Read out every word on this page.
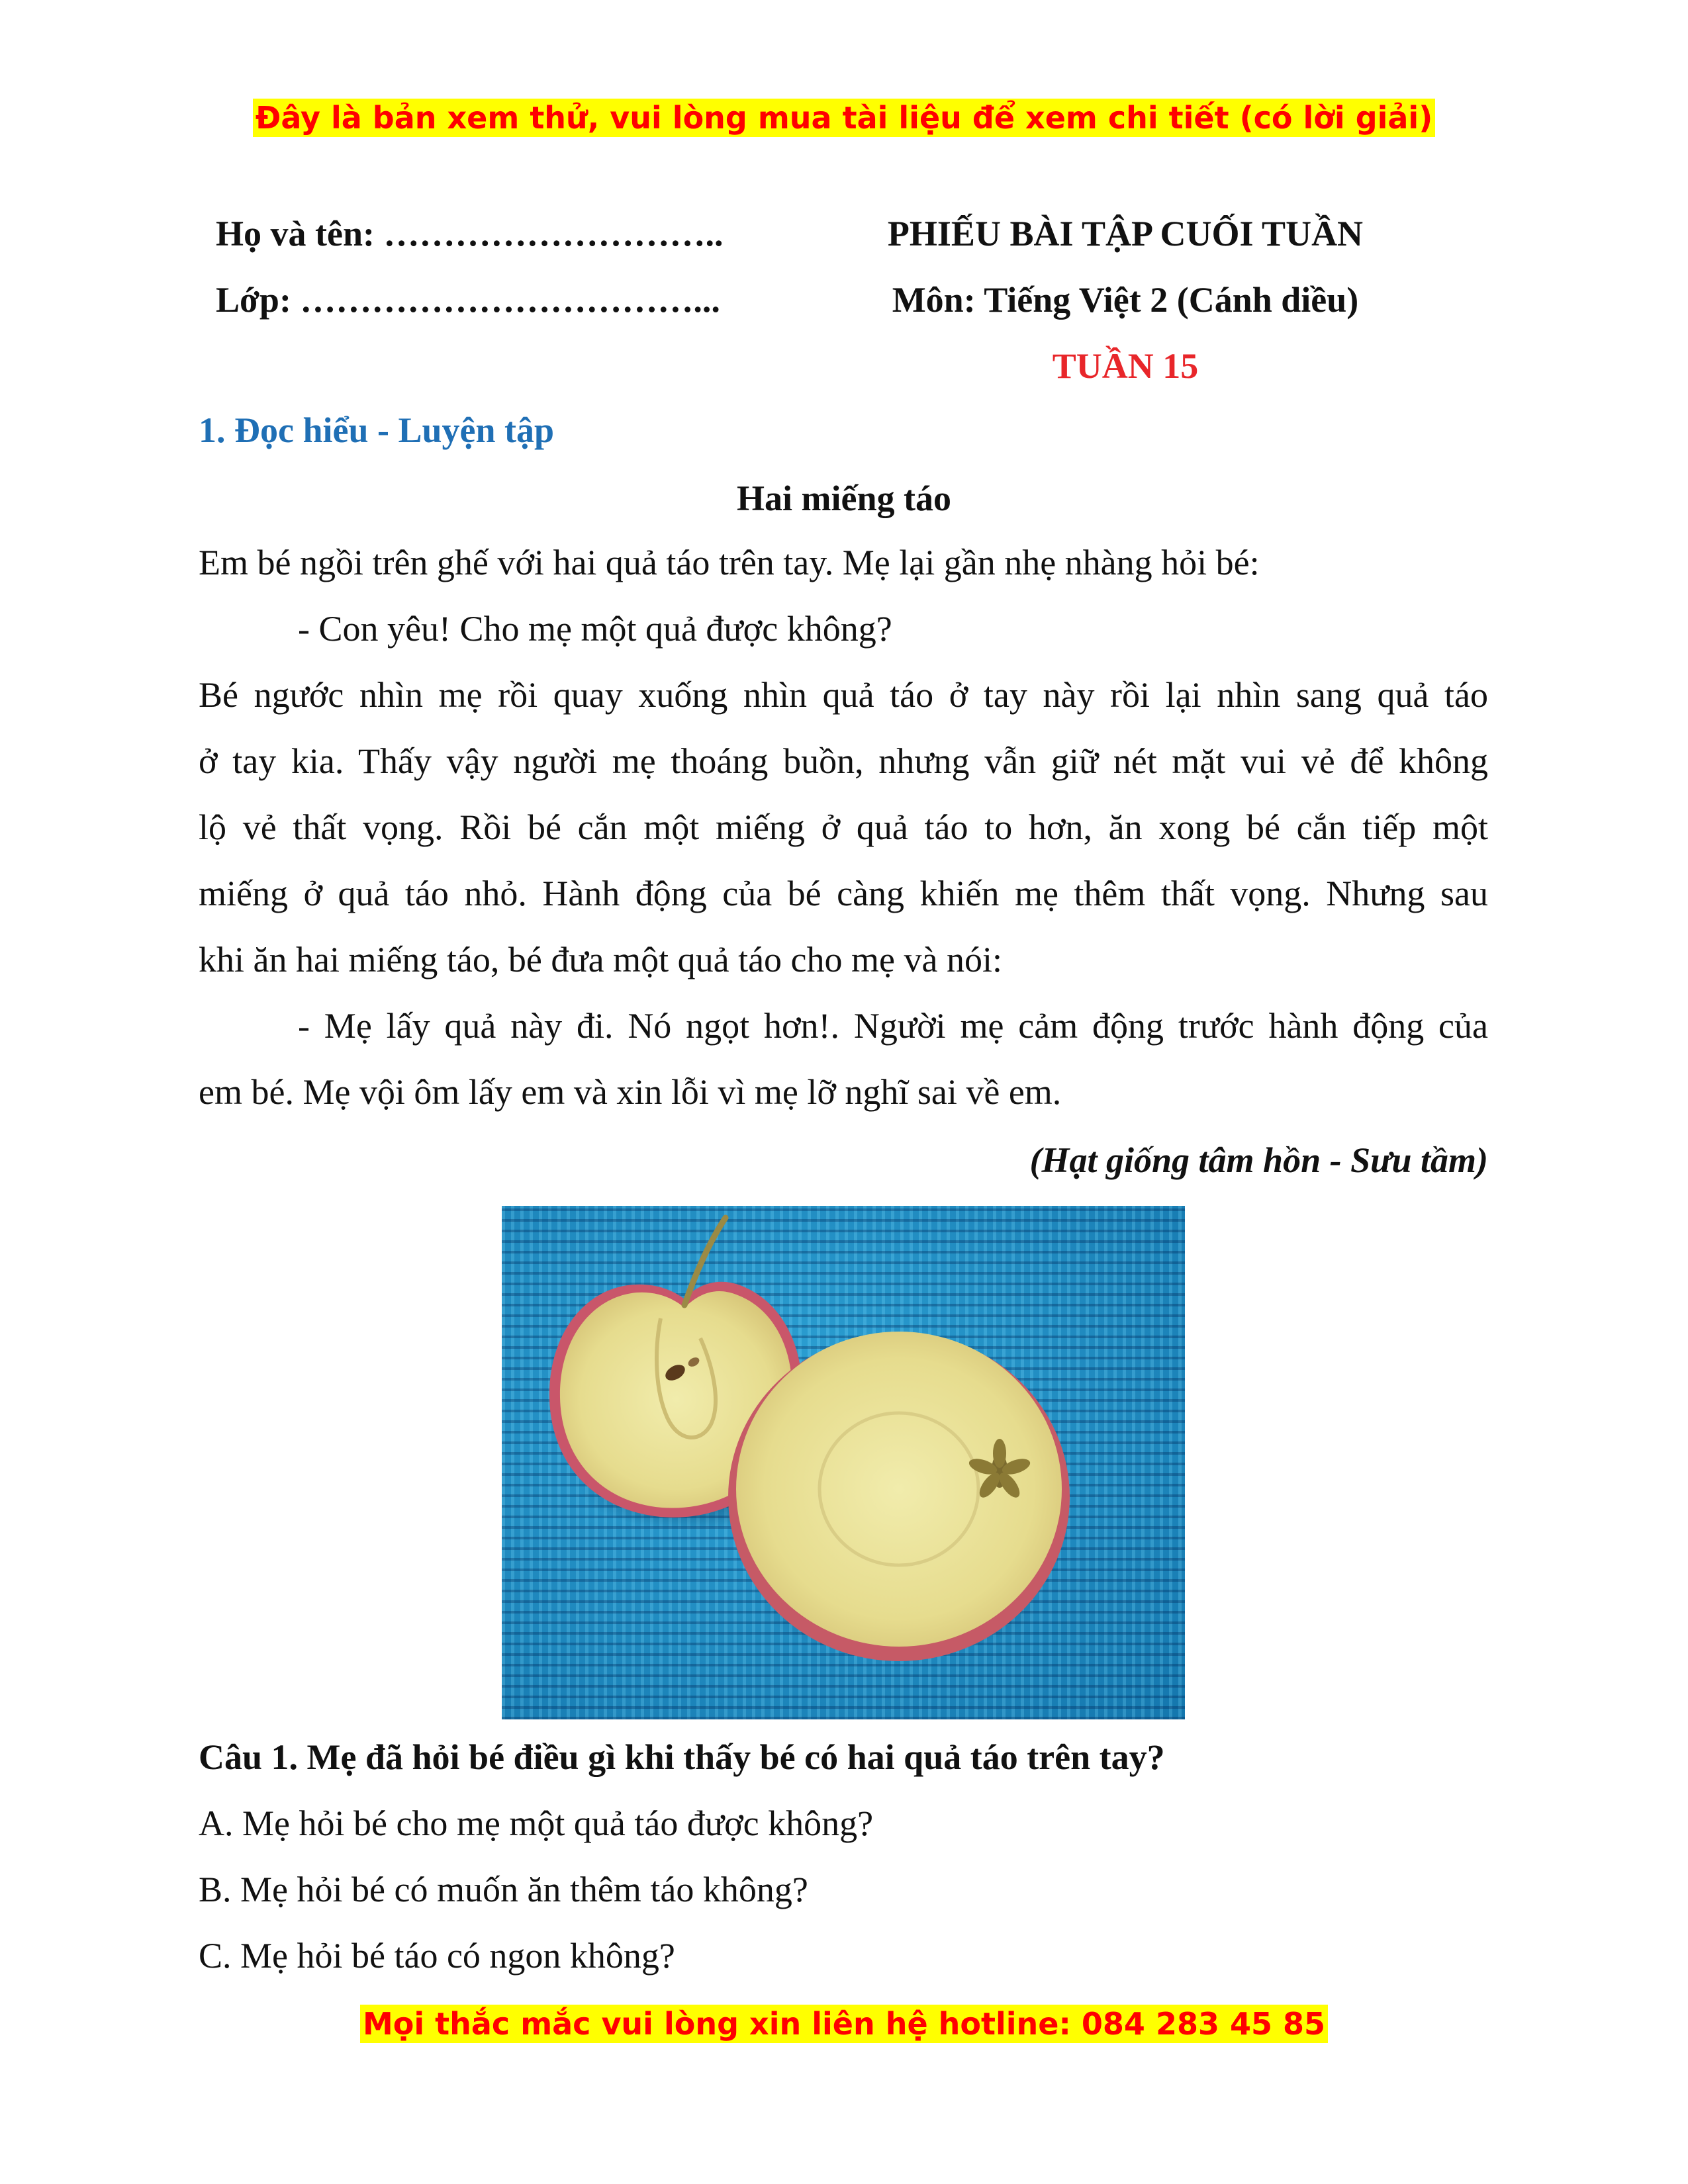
Đây là bản xem thử, vui lòng mua tài liệu để xem chi tiết (có lời giải)
Họ và tên: ………………………..
Lớp: ……………………………...
PHIẾU BÀI TẬP CUỐI TUẦN
Môn: Tiếng Việt 2 (Cánh diều)
TUẦN 15
1. Đọc hiểu - Luyện tập
Hai miếng táo
Em bé ngồi trên ghế với hai quả táo trên tay. Mẹ lại gần nhẹ nhàng hỏi bé:
- Con yêu! Cho mẹ một quả được không?
Bé ngước nhìn mẹ rồi quay xuống nhìn quả táo ở tay này rồi lại nhìn sang quả táo
ở tay kia. Thấy vậy người mẹ thoáng buồn, nhưng vẫn giữ nét mặt vui vẻ để không
lộ vẻ thất vọng. Rồi bé cắn một miếng ở quả táo to hơn, ăn xong bé cắn tiếp một
miếng ở quả táo nhỏ. Hành động của bé càng khiến mẹ thêm thất vọng. Nhưng sau
khi ăn hai miếng táo, bé đưa một quả táo cho mẹ và nói:
- Mẹ lấy quả này đi. Nó ngọt hơn!. Người mẹ cảm động trước hành động của
em bé. Mẹ vội ôm lấy em và xin lỗi vì mẹ lỡ nghĩ sai về em.
(Hạt giống tâm hồn - Sưu tầm)
Câu 1. Mẹ đã hỏi bé điều gì khi thấy bé có hai quả táo trên tay?
A. Mẹ hỏi bé cho mẹ một quả táo được không?
B. Mẹ hỏi bé có muốn ăn thêm táo không?
C. Mẹ hỏi bé táo có ngon không?
Mọi thắc mắc vui lòng xin liên hệ hotline: 084 283 45 85
